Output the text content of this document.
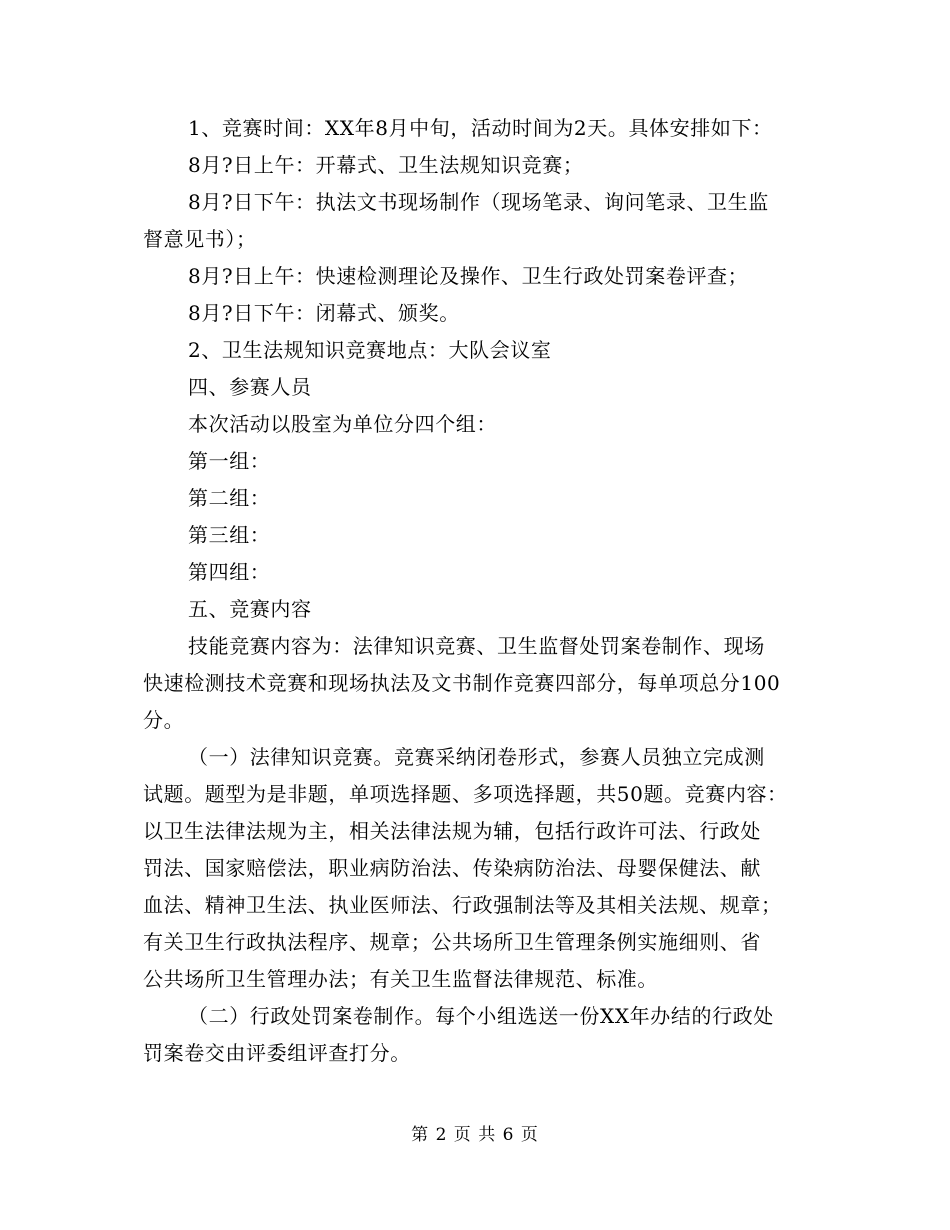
1、竞赛时间：XX年8月中旬，活动时间为2天。具体安排如下：
8月?日上午：开幕式、卫生法规知识竞赛；
8月?日下午：执法文书现场制作（现场笔录、询问笔录、卫生监
督意见书）；
8月?日上午：快速检测理论及操作、卫生行政处罚案卷评查；
8月?日下午：闭幕式、颁奖。
2、卫生法规知识竞赛地点：大队会议室
四、参赛人员
本次活动以股室为单位分四个组：
第一组：
第二组：
第三组：
第四组：
五、竞赛内容
技能竞赛内容为：法律知识竞赛、卫生监督处罚案卷制作、现场
快速检测技术竞赛和现场执法及文书制作竞赛四部分，每单项总分100
分。
（一）法律知识竞赛。竞赛采纳闭卷形式，参赛人员独立完成测
试题。题型为是非题，单项选择题、多项选择题，共50题。竞赛内容：
以卫生法律法规为主，相关法律法规为辅，包括行政许可法、行政处
罚法、国家赔偿法，职业病防治法、传染病防治法、母婴保健法、献
血法、精神卫生法、执业医师法、行政强制法等及其相关法规、规章；
有关卫生行政执法程序、规章；公共场所卫生管理条例实施细则、省
公共场所卫生管理办法；有关卫生监督法律规范、标准。
（二）行政处罚案卷制作。每个小组选送一份XX年办结的行政处
罚案卷交由评委组评查打分。
第 2 页 共 6 页
